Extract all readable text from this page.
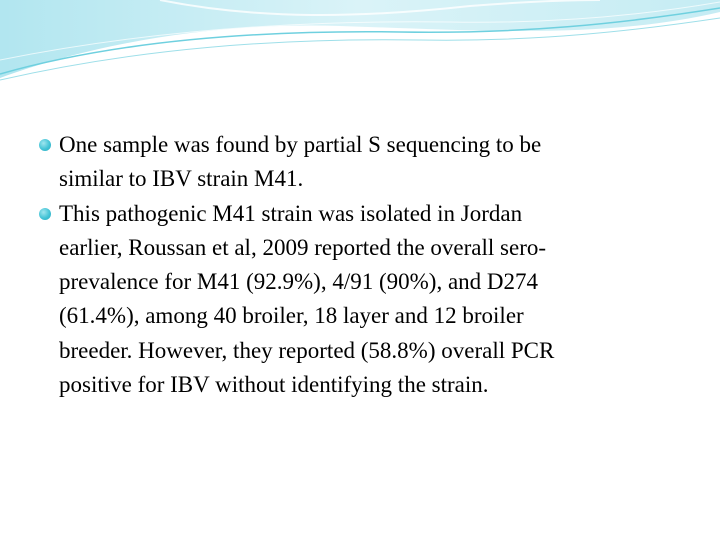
One sample was found by partial S sequencing to be
similar to IBV strain M41.
This pathogenic M41 strain was isolated in Jordan
earlier, Roussan et al, 2009 reported the overall sero-
prevalence for M41 (92.9%), 4/91 (90%), and D274
(61.4%), among 40 broiler, 18 layer and 12 broiler
breeder. However, they reported (58.8%) overall PCR
positive for IBV without identifying the strain.
